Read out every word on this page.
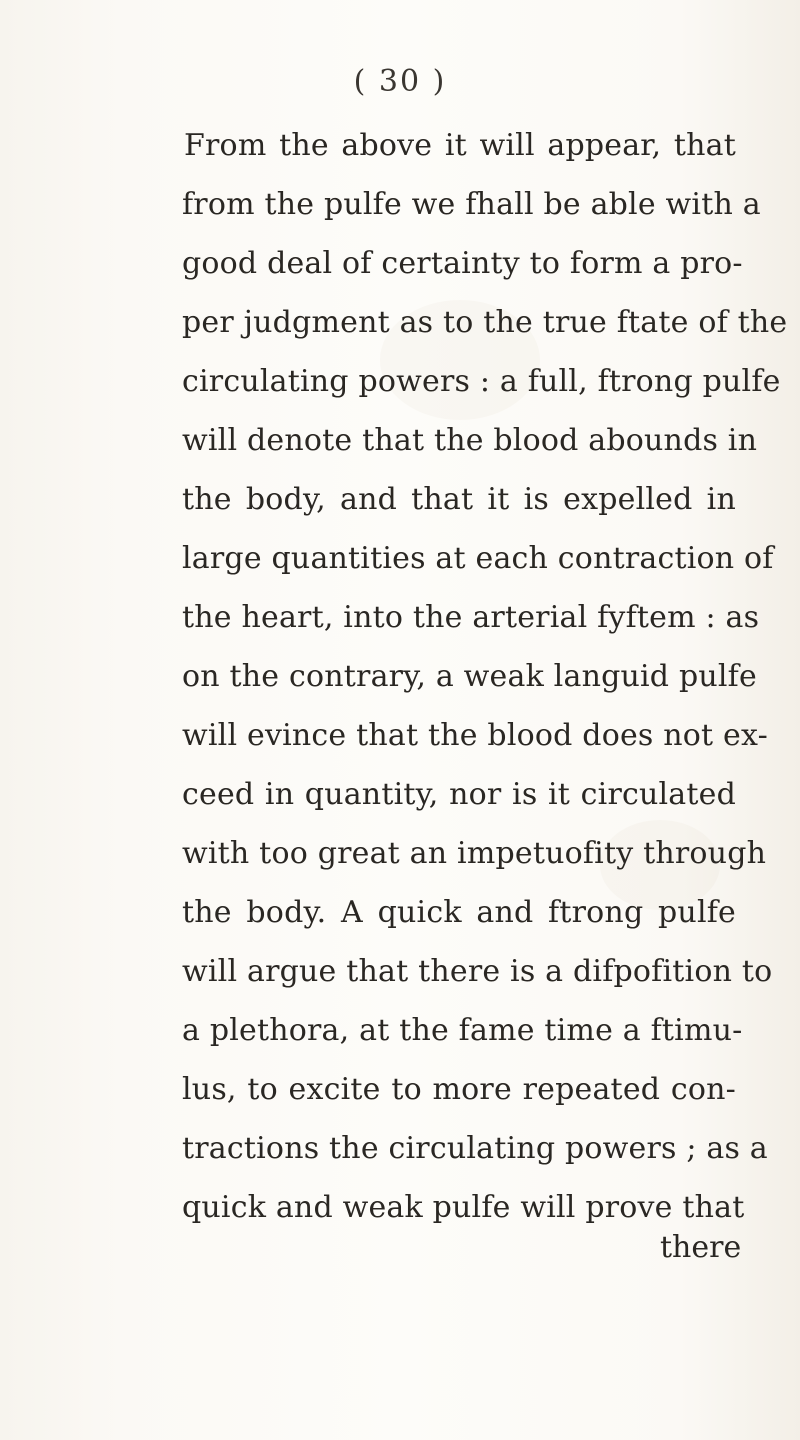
( 30 )
From the above it will appear, that
from the pulfe we fhall be able with a
good deal of certainty to form a pro-
per judgment as to the true ftate of the
circulating powers : a full, ftrong pulfe
will denote that the blood abounds in
the body, and that it is expelled in
large quantities at each contraction of
the heart, into the arterial fyftem : as
on the contrary, a weak languid pulfe
will evince that the blood does not ex-
ceed in quantity, nor is it circulated
with too great an impetuofity through
the body. A quick and ftrong pulfe
will argue that there is a difpofition to
a plethora, at the fame time a ftimu-
lus, to excite to more repeated con-
tractions the circulating powers ; as a
quick and weak pulfe will prove that
there
